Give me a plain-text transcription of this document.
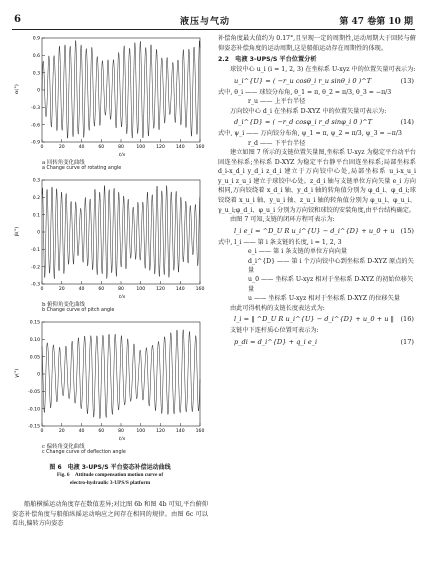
6	液压与气动	第 47 卷第 10 期
0.9
0.6
0.3
0
-0.3
-0.6
-0.9
0	20	40	60	80	100 120 140 160
α(°)
t/s
a 回转角变化曲线
a Change curve of rotating angle
0.3
0.2
0.1
0
-0.1
-0.2
-0.3
0	20	40	60	80	100 120 140 160
β(°)
t/s
b 俯仰角变化曲线
b Change curve of pitch angle
0.15
0.10
0.05
0
-0.05
-0.10
-0.15
0	20	40	60	80	100 120 140 160
γ(°)
t/s
c 偏转角变化曲线
c Change curve of deflection angle
图 6　电液 3-UPS/S 平台姿态补偿运动曲线
Fig. 6　Attitude compensation motion curve of
electro-hydraulic 3-UPS/S platform
船舶横摇运动角度存在数值差异;对比图 6b 和图 4b 可知,平台俯仰姿态补偿角度与船舶纵摇运动响应之间存在相同的规律。由图 6c 可以看出,偏转方向姿态
补偿角度最大值约为 0.17°,且呈现一定的周期性,运动周期大于回转与俯仰姿态补偿角度的运动周期,这是船舶运动存在周期性的体现。
2.2　电液 3-UPS/S 平台位置分析
球铰中心 u_i (i = 1, 2, 3) 在坐标系 U-xyz 中的位置矢量可表示为:
u_i^{U} = ( −r_u cosθ_i r_u sinθ_i 0 )^T	(13)
式中, θ_i —— 球铰分布角, θ_1 = π, θ_2 = π/3, θ_3 = −π/3
r_u —— 上平台半径
万向铰中心 d_i 在坐标系 D-XYZ 中的位置矢量可表示为:
d_i^{D} = ( −r_d cosφ_i r_d sinφ_i 0 )^T	(14)
式中, ψ_i —— 万向铰分布角, ψ_1 = π, ψ_2 = π/3, ψ_3 = −π/3
r_d —— 下平台半径
建立如图 7 所示的支链位置矢量图,坐标系 U-xyz 为稳定平台动平台固连坐标系;坐标系 D-XYZ 为稳定平台静平台固连坐标系;局部坐标系 d_i-x_d_i y_d_i z_d_i 建立于万向铰中心处,局部坐标系 u_i-x_u_i y_u_i z_u_i 建立于球铰中心处。z_d_i 轴与支链单位方向矢量 e_i 方向相同,万向铰绕着 x_d_i 轴、y_d_i 轴的转角值分别为 φ_d_i、φ_d_i;球铰绕着 x_u_i 轴、y_u_i 轴、z_u_i 轴的转角值分别为 φ_u_i、φ_u_i、γ_u_i;φ_d_i、φ_u_i 分别为万向铰和球铰的安装角度,由平台结构确定。
由图 7 可知,支链的闭环方程可表示为:
l_i e_i = ^D_U R u_i^{U} − d_i^{D} + u_0 + u (15)
式中, l_i —— 第 i 条支链的长度, i = 1, 2, 3
e_i —— 第 i 条支链的单位方向向量
d_i^{D} —— 第 i 个万向铰中心到坐标系 D-XYZ 原点的矢量
u_0 —— 坐标系 U-xyz 相对于坐标系 D-XYZ 的初始位移矢量
u —— 坐标系 U-xyz 相对于坐标系 D-XYZ 的位移矢量
由此可得机构的支链长度表达式为:
l_i = ‖ ^D_U R u_i^{U} − d_i^{D} + u_0 + u ‖ (16)
支链中下连杆质心位置可表示为:
p_di = d_i^{D} + q_i e_i	(17)
